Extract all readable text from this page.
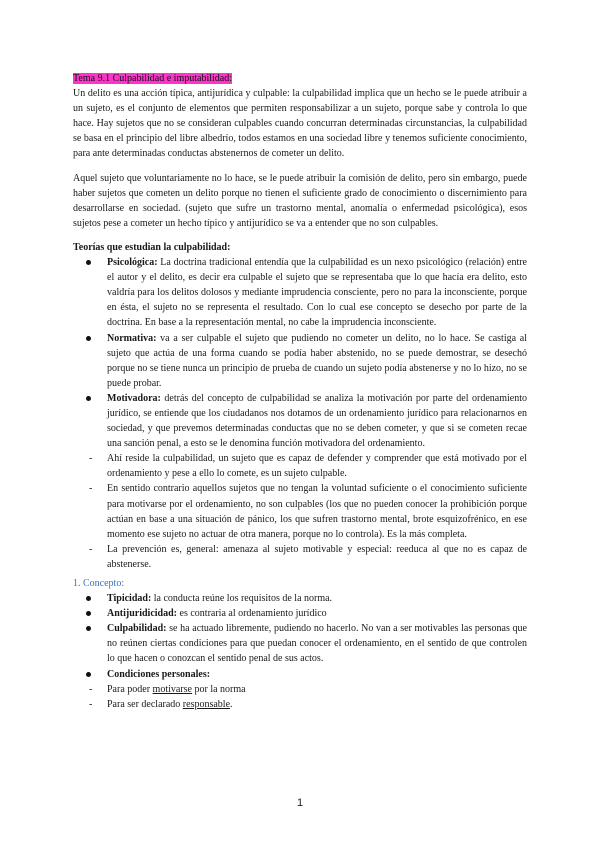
Tema 9.1 Culpabilidad e imputabilidad:

Un delito es una acción típica, antijurídica y culpable: la culpabilidad implica que un hecho se le puede atribuir a un sujeto, es el conjunto de elementos que permiten responsabilizar a un sujeto, porque sabe y controla lo que hace. Hay sujetos que no se consideran culpables cuando concurran determinadas circunstancias, la culpabilidad se basa en el principio del libre albedrío, todos estamos en una sociedad libre y tenemos suficiente conocimiento, para ante determinadas conductas abstenernos de cometer un delito.

Aquel sujeto que voluntariamente no lo hace, se le puede atribuir la comisión de delito, pero sin embargo, puede haber sujetos que cometen un delito porque no tienen el suficiente grado de conocimiento o discernimiento para desarrollarse en sociedad. (sujeto que sufre un trastorno mental, anomalía o enfermedad psicológica), esos sujetos pese a cometer un hecho típico y antijurídico se va a entender que no son culpables.

Teorías que estudian la culpabilidad:

Psicológica: La doctrina tradicional entendía que la culpabilidad es un nexo psicológico (relación) entre el autor y el delito, es decir era culpable el sujeto que se representaba que lo que hacía era delito, esto valdría para los delitos dolosos y mediante imprudencia consciente, pero no para la inconsciente, porque en ésta, el sujeto no se representa el resultado. Con lo cual ese concepto se desecho por parte de la doctrina. En base a la representación mental, no cabe la imprudencia inconsciente.
Normativa: va a ser culpable el sujeto que pudiendo no cometer un delito, no lo hace. Se castiga al sujeto que actúa de una forma cuando se podía haber abstenido, no se puede demostrar, se desechó porque no se tiene nunca un principio de prueba de cuando un sujeto podía abstenerse y no lo hizo, no se puede probar.
Motivadora: detrás del concepto de culpabilidad se analiza la motivación por parte del ordenamiento jurídico, se entiende que los ciudadanos nos dotamos de un ordenamiento jurídico para relacionarnos en sociedad, y que prevemos determinadas conductas que no se deben cometer, y que si se cometen recae una sanción penal, a esto se le denomina función motivadora del ordenamiento.
- Ahí reside la culpabilidad, un sujeto que es capaz de defender y comprender que está motivado por el ordenamiento y pese a ello lo comete, es un sujeto culpable.
- En sentido contrario aquellos sujetos que no tengan la voluntad suficiente o el conocimiento suficiente para motivarse por el ordenamiento, no son culpables (los que no pueden conocer la prohibición porque actúan en base a una situación de pánico, los que sufren trastorno mental, brote esquizofrénico, en ese momento ese sujeto no actuar de otra manera, porque no lo controla). Es la más completa.
- La prevención es, general: amenaza al sujeto motivable y especial: reeduca al que no es capaz de abstenerse.

1. Concepto:

Tipicidad: la conducta reúne los requisitos de la norma.
Antijuridicidad: es contraria al ordenamiento jurídico
Culpabilidad: se ha actuado libremente, pudiendo no hacerlo. No van a ser motivables las personas que no reúnen ciertas condiciones para que puedan conocer el ordenamiento, en el sentido de que controlen lo que hacen o conozcan el sentido penal de sus actos.
Condiciones personales:
- Para poder motivarse por la norma
- Para ser declarado responsable.
1
